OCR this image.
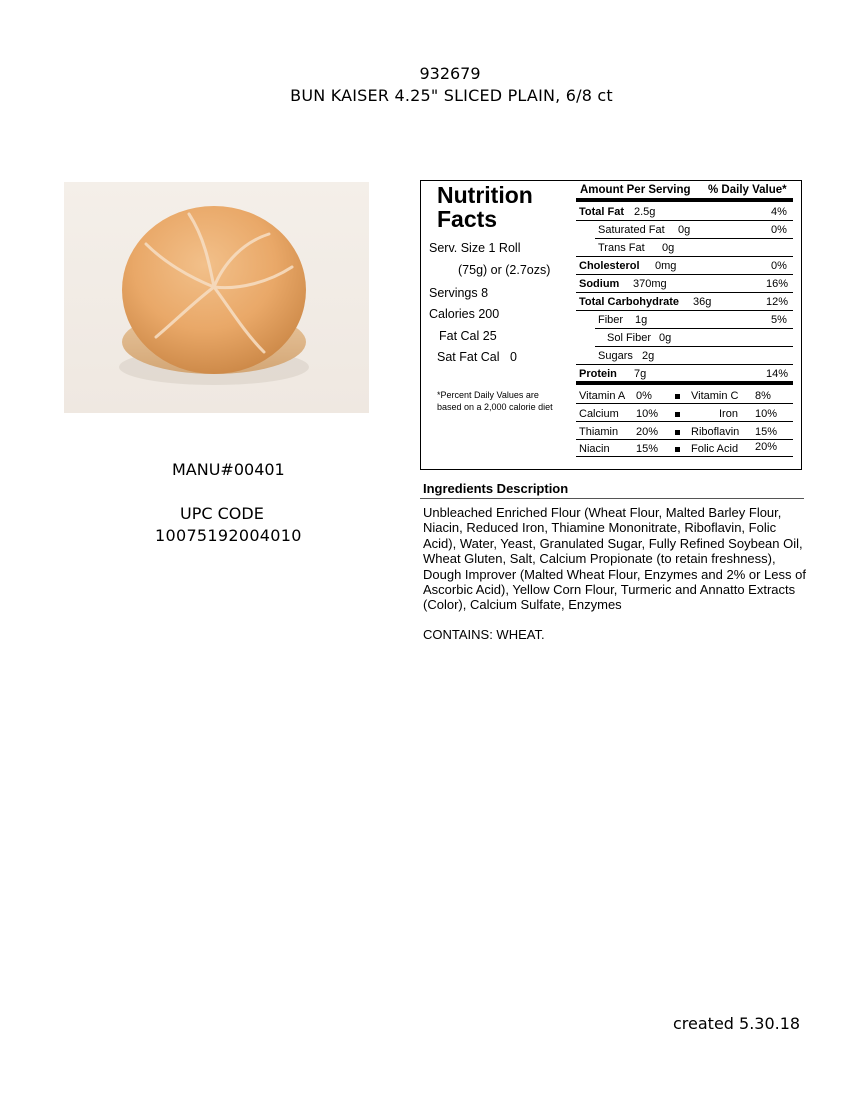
932679
BUN KAISER 4.25" SLICED PLAIN, 6/8 ct
MANU#00401
UPC CODE
10075192004010
Nutrition
Facts
Serv. Size 1 Roll
(75g) or (2.7ozs)
Servings 8
Calories 200
Fat Cal 25
Sat Fat Cal   0
*Percent Daily Values are
based on a 2,000 calorie diet
Amount Per Serving % Daily Value*
Total Fat 2.5g	4%
Saturated Fat 0g	0%
Trans Fat 0g
Cholesterol 0mg	0%
Sodium 370mg	16%
Total Carbohydrate 36g	12%
Fiber 1g	5%
Sol Fiber 0g
Sugars 2g
Protein 7g	14%
Vitamin A 0%	Vitamin C 8%
Calcium 10%	Iron 10%
Thiamin 20%	Riboflavin 15%
Niacin 15%	Folic Acid 20%
Ingredients Description
Unbleached Enriched Flour (Wheat Flour, Malted Barley Flour, Niacin, Reduced Iron, Thiamine Mononitrate, Riboflavin, Folic Acid), Water, Yeast, Granulated Sugar, Fully Refined Soybean Oil, Wheat Gluten, Salt, Calcium Propionate (to retain freshness), Dough Improver (Malted Wheat Flour, Enzymes and 2% or Less of Ascorbic Acid), Yellow Corn Flour, Turmeric and Annatto Extracts (Color), Calcium Sulfate, Enzymes
CONTAINS: WHEAT.
created 5.30.18
